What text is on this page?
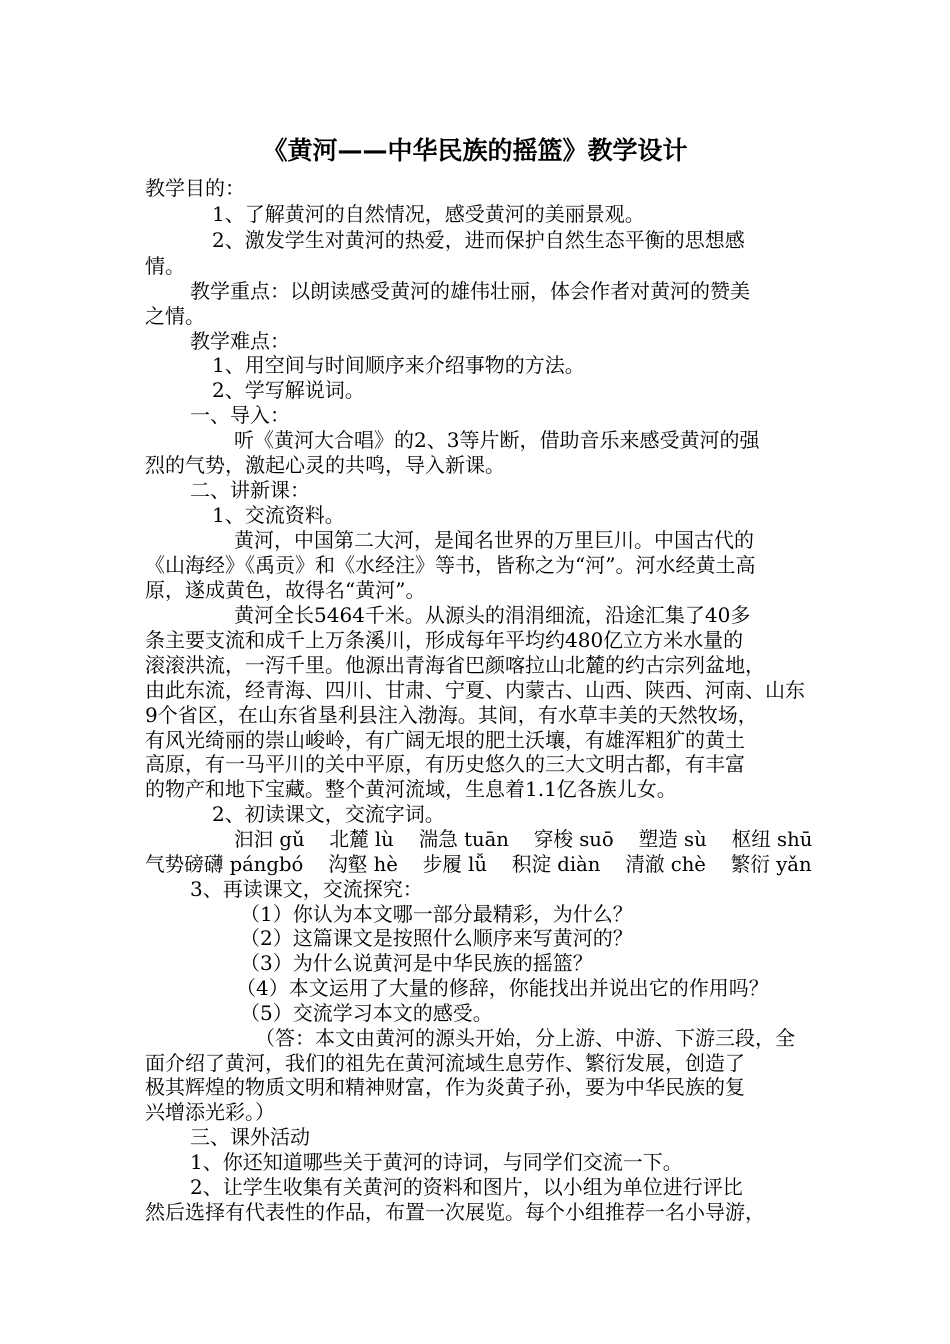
《黄河——中华民族的摇篮》教学设计
教学目的：
1、了解黄河的自然情况，感受黄河的美丽景观。
2、激发学生对黄河的热爱，进而保护自然生态平衡的思想感
情。
教学重点：以朗读感受黄河的雄伟壮丽，体会作者对黄河的赞美
之情。
教学难点：
1、用空间与时间顺序来介绍事物的方法。
2、学写解说词。
一、导入：
听《黄河大合唱》的2、3等片断，借助音乐来感受黄河的强
烈的气势，激起心灵的共鸣，导入新课。
二、讲新课：
1、交流资料。
黄河，中国第二大河，是闻名世界的万里巨川。中国古代的
《山海经》《禹贡》和《水经注》等书，皆称之为“河”。河水经黄土高
原，遂成黄色，故得名“黄河”。
黄河全长5464千米。从源头的涓涓细流，沿途汇集了40多
条主要支流和成千上万条溪川，形成每年平均约480亿立方米水量的
滚滚洪流，一泻千里。他源出青海省巴颜喀拉山北麓的约古宗列盆地，
由此东流，经青海、四川、甘肃、宁夏、内蒙古、山西、陕西、河南、山东
9个省区，在山东省垦利县注入渤海。其间，有水草丰美的天然牧场，
有风光绮丽的崇山峻岭，有广阔无垠的肥土沃壤，有雄浑粗犷的黄土
高原，有一马平川的关中平原，有历史悠久的三大文明古都，有丰富
的物产和地下宝藏。整个黄河流域，生息着1.1亿各族儿女。
2、初读课文，交流字词。
汩汩 gǔ    北麓 lù    湍急 tuān    穿梭 suō    塑造 sù    枢纽 shū
气势磅礴 pángbó    沟壑 hè    步履 lǚ    积淀 diàn    清澈 chè    繁衍 yǎn
3、再读课文，交流探究：
（1）你认为本文哪一部分最精彩，为什么？
（2）这篇课文是按照什么顺序来写黄河的？
（3）为什么说黄河是中华民族的摇篮？
（4）本文运用了大量的修辞，你能找出并说出它的作用吗？
（5）交流学习本文的感受。
（答：本文由黄河的源头开始，分上游、中游、下游三段，全
面介绍了黄河，我们的祖先在黄河流域生息劳作、繁衍发展，创造了
极其辉煌的物质文明和精神财富，作为炎黄子孙，要为中华民族的复
兴增添光彩。）
三、课外活动
1、你还知道哪些关于黄河的诗词，与同学们交流一下。
2、让学生收集有关黄河的资料和图片，以小组为单位进行评比
然后选择有代表性的作品，布置一次展览。每个小组推荐一名小导游，
